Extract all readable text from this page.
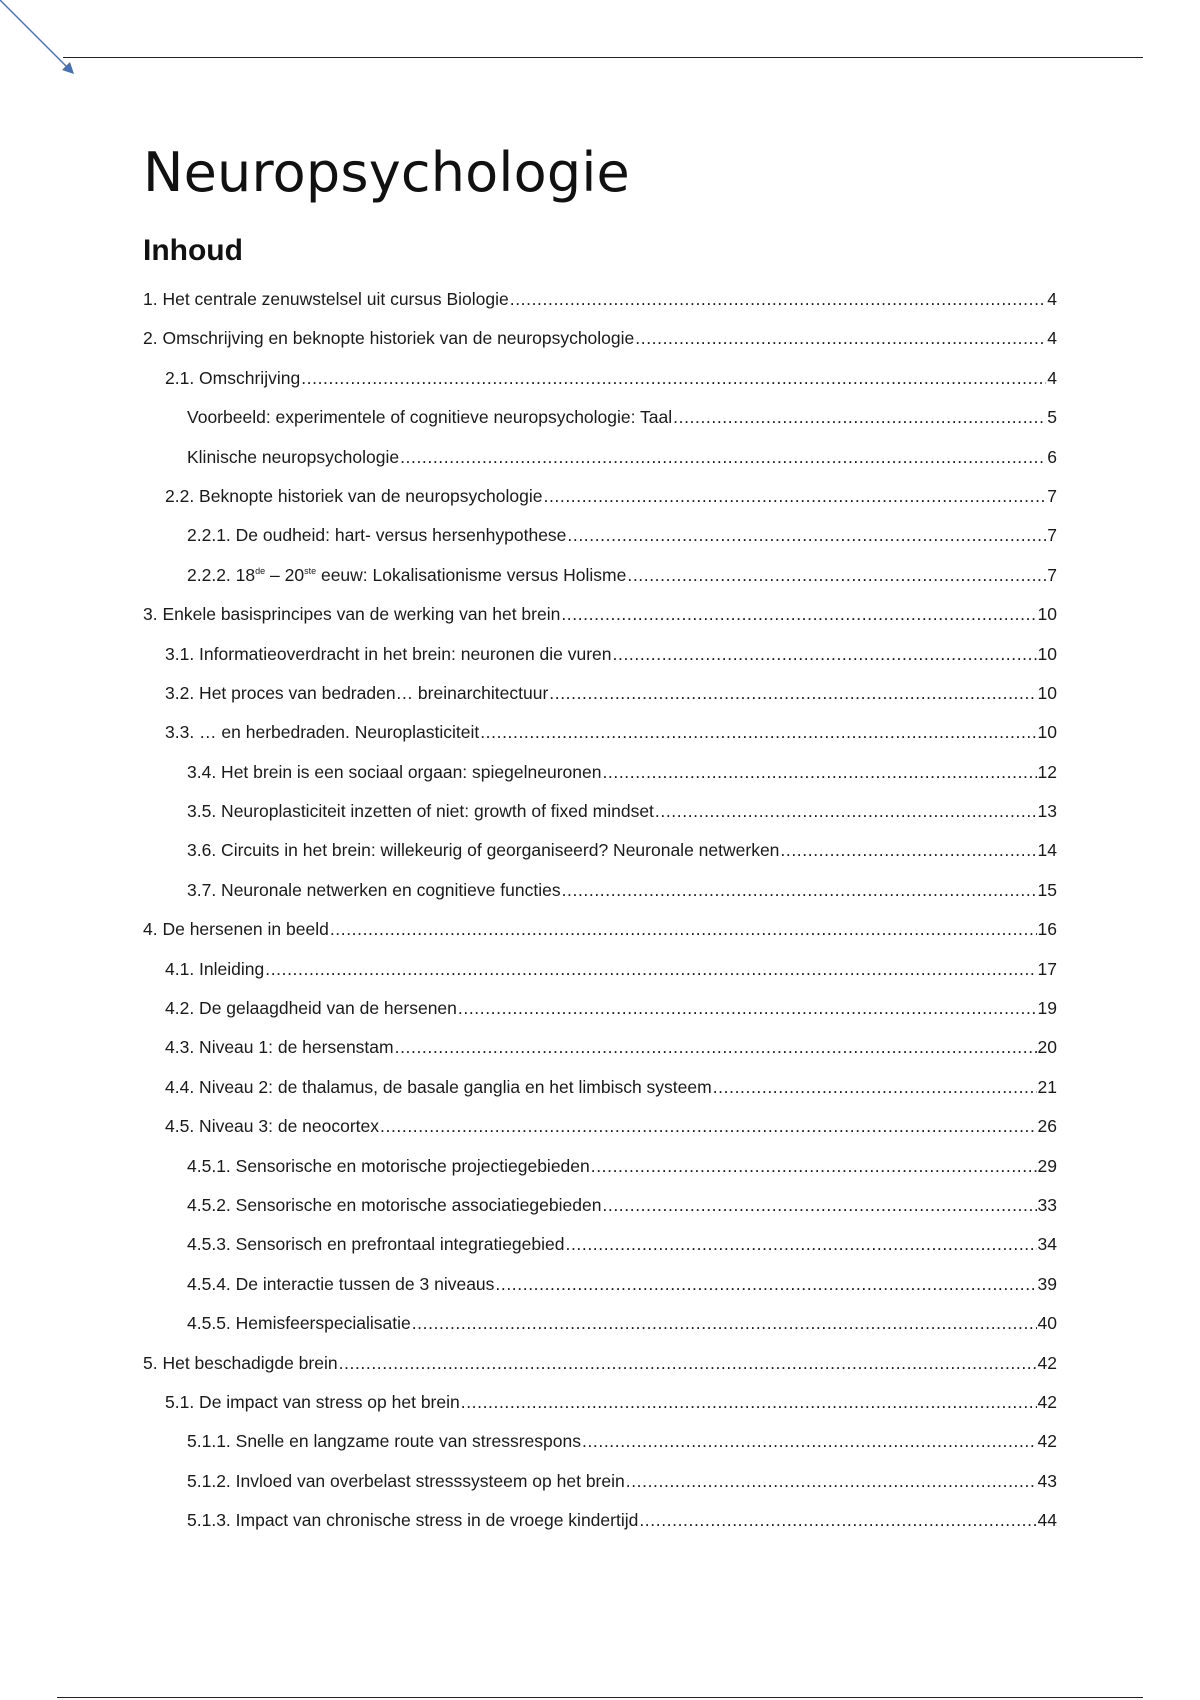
Neuropsychologie
Inhoud
1. Het centrale zenuwstelsel uit cursus Biologie .....	4
2. Omschrijving en beknopte historiek van de neuropsychologie .....	4
2.1. Omschrijving .....	4
Voorbeeld: experimentele of cognitieve neuropsychologie: Taal .....	5
Klinische neuropsychologie .....	6
2.2. Beknopte historiek van de neuropsychologie .....	7
2.2.1. De oudheid: hart- versus hersenhypothese .....	7
2.2.2. 18de – 20ste eeuw: Lokalisationisme versus Holisme .....	7
3. Enkele basisprincipes van de werking van het brein .....	10
3.1. Informatieoverdracht in het brein: neuronen die vuren .....	10
3.2. Het proces van bedraden… breinarchitectuur .....	10
3.3. … en herbedraden. Neuroplasticiteit .....	10
3.4. Het brein is een sociaal orgaan: spiegelneuronen .....	12
3.5. Neuroplasticiteit inzetten of niet: growth of fixed mindset .....	13
3.6. Circuits in het brein: willekeurig of georganiseerd? Neuronale netwerken .....	14
3.7. Neuronale netwerken en cognitieve functies .....	15
4. De hersenen in beeld .....	16
4.1. Inleiding .....	17
4.2. De gelaagdheid van de hersenen .....	19
4.3. Niveau 1: de hersenstam .....	20
4.4. Niveau 2: de thalamus, de basale ganglia en het limbisch systeem .....	21
4.5. Niveau 3: de neocortex .....	26
4.5.1. Sensorische en motorische projectiegebieden .....	29
4.5.2. Sensorische en motorische associatiegebieden .....	33
4.5.3. Sensorisch en prefrontaal integratiegebied .....	34
4.5.4. De interactie tussen de 3 niveaus .....	39
4.5.5. Hemisfeerspecialisatie .....	40
5. Het beschadigde brein .....	42
5.1. De impact van stress op het brein .....	42
5.1.1. Snelle en langzame route van stressrespons .....	42
5.1.2. Invloed van overbelast stresssysteem op het brein .....	43
5.1.3. Impact van chronische stress in de vroege kindertijd .....	44
